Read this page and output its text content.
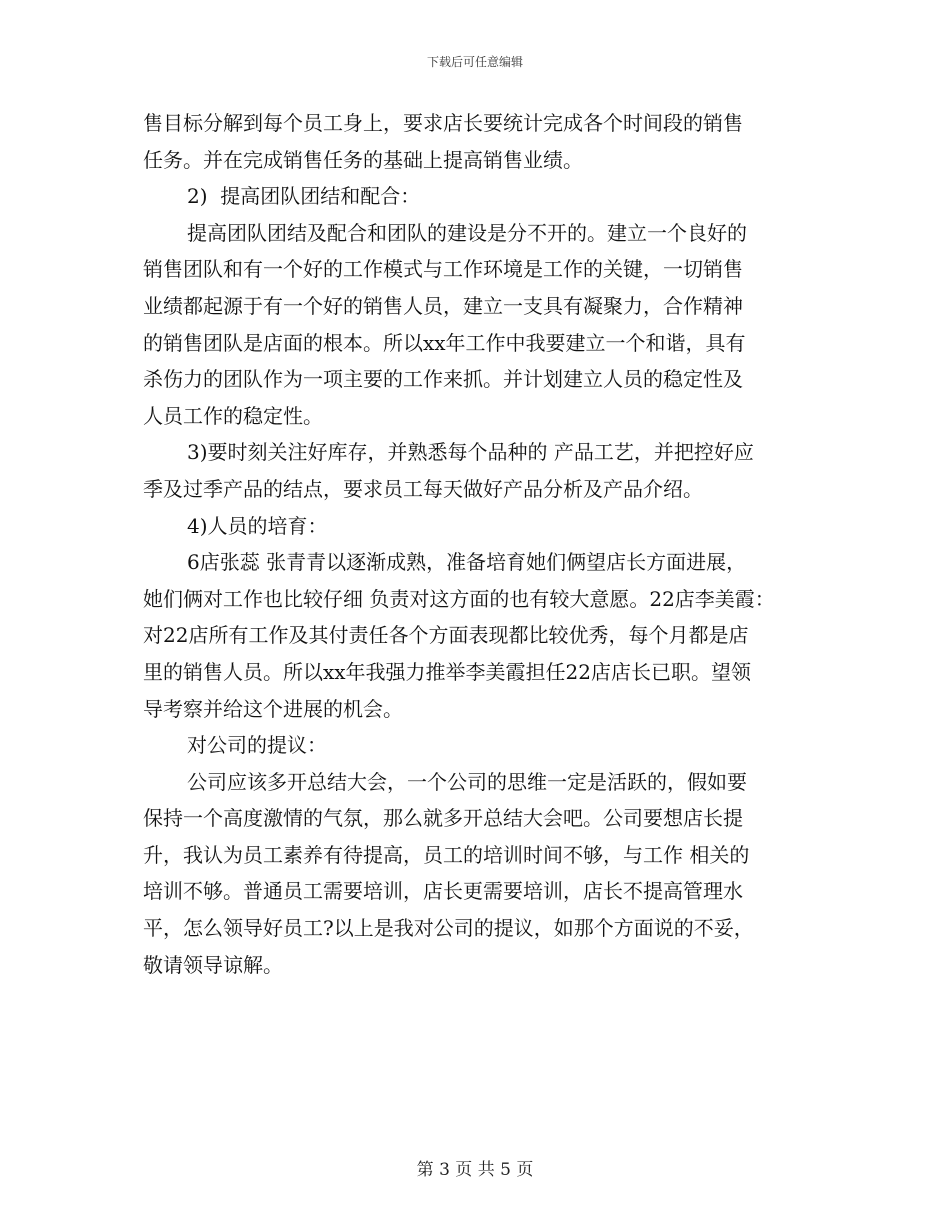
下载后可任意编辑

售目标分解到每个员工身上，要求店长要统计完成各个时间段的销售

任务。并在完成销售任务的基础上提高销售业绩。

2)  提高团队团结和配合：

提高团队团结及配合和团队的建设是分不开的。建立一个良好的

销售团队和有一个好的工作模式与工作环境是工作的关键，一切销售

业绩都起源于有一个好的销售人员，建立一支具有凝聚力，合作精神

的销售团队是店面的根本。所以xx年工作中我要建立一个和谐，具有

杀伤力的团队作为一项主要的工作来抓。并计划建立人员的稳定性及

人员工作的稳定性。

3)要时刻关注好库存，并熟悉每个品种的 产品工艺，并把控好应

季及过季产品的结点，要求员工每天做好产品分析及产品介绍。

4)人员的培育：

6店张蕊 张青青以逐渐成熟，准备培育她们俩望店长方面进展，

她们俩对工作也比较仔细 负责对这方面的也有较大意愿。22店李美霞：

对22店所有工作及其付责任各个方面表现都比较优秀，每个月都是店

里的销售人员。所以xx年我强力推举李美霞担任22店店长已职。望领

导考察并给这个进展的机会。

对公司的提议：

公司应该多开总结大会，一个公司的思维一定是活跃的，假如要

保持一个高度激情的气氛，那么就多开总结大会吧。公司要想店长提

升，我认为员工素养有待提高，员工的培训时间不够，与工作 相关的

培训不够。普通员工需要培训，店长更需要培训，店长不提高管理水

平，怎么领导好员工?以上是我对公司的提议，如那个方面说的不妥，

敬请领导谅解。

第 3 页 共 5 页
